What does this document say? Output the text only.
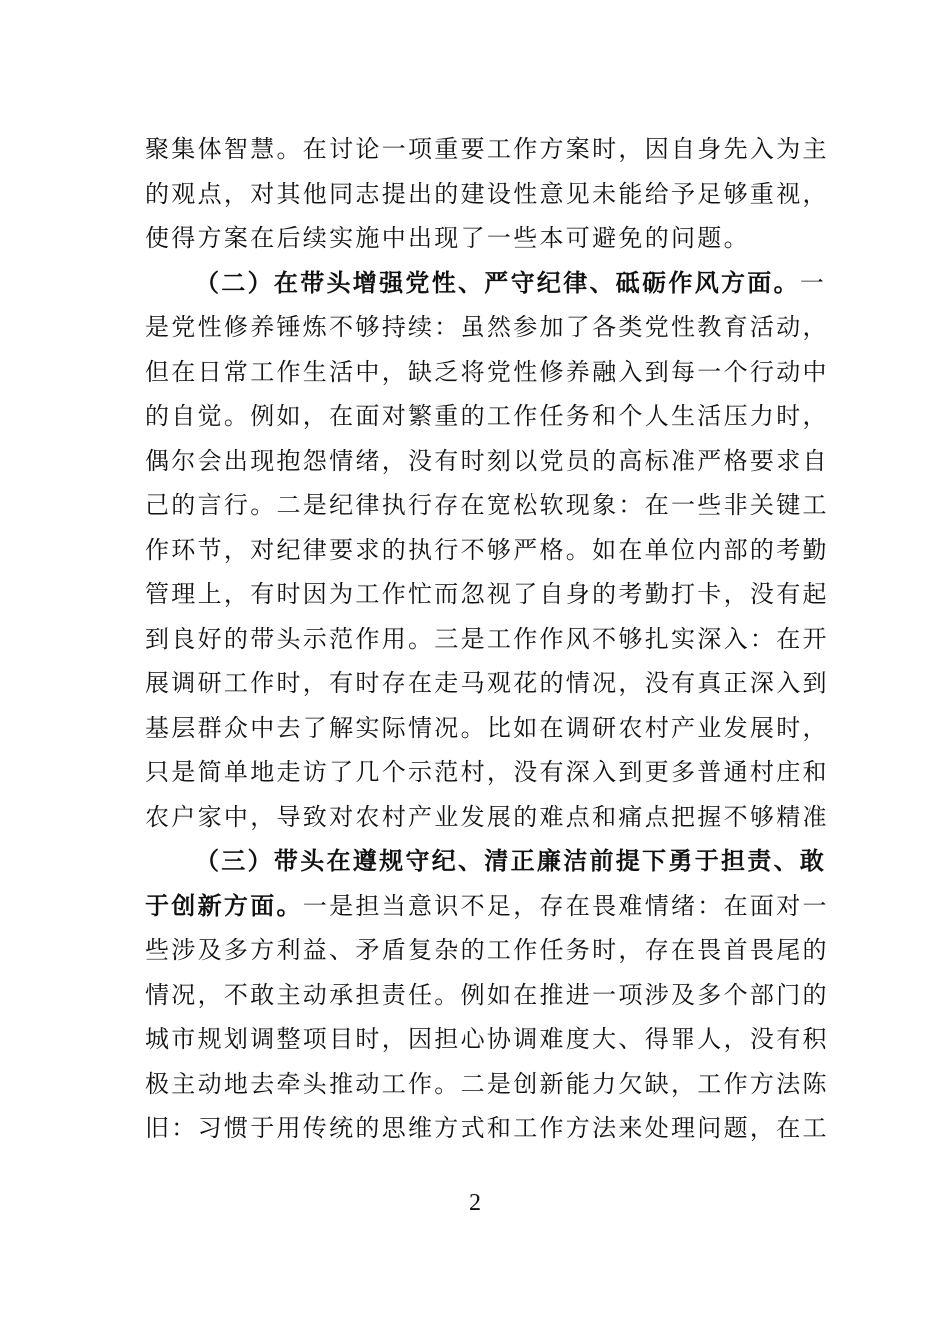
聚集体智慧。在讨论一项重要工作方案时，因自身先入为主
的观点，对其他同志提出的建设性意见未能给予足够重视，
使得方案在后续实施中出现了一些本可避免的问题。
（二）在带头增强党性、严守纪律、砥砺作风方面。一
是党性修养锤炼不够持续：虽然参加了各类党性教育活动，
但在日常工作生活中，缺乏将党性修养融入到每一个行动中
的自觉。例如，在面对繁重的工作任务和个人生活压力时，
偶尔会出现抱怨情绪，没有时刻以党员的高标准严格要求自
己的言行。二是纪律执行存在宽松软现象：在一些非关键工
作环节，对纪律要求的执行不够严格。如在单位内部的考勤
管理上，有时因为工作忙而忽视了自身的考勤打卡，没有起
到良好的带头示范作用。三是工作作风不够扎实深入：在开
展调研工作时，有时存在走马观花的情况，没有真正深入到
基层群众中去了解实际情况。比如在调研农村产业发展时，
只是简单地走访了几个示范村，没有深入到更多普通村庄和
农户家中，导致对农村产业发展的难点和痛点把握不够精准
（三）带头在遵规守纪、清正廉洁前提下勇于担责、敢
于创新方面。一是担当意识不足，存在畏难情绪：在面对一
些涉及多方利益、矛盾复杂的工作任务时，存在畏首畏尾的
情况，不敢主动承担责任。例如在推进一项涉及多个部门的
城市规划调整项目时，因担心协调难度大、得罪人，没有积
极主动地去牵头推动工作。二是创新能力欠缺，工作方法陈
旧：习惯于用传统的思维方式和工作方法来处理问题，在工
2
